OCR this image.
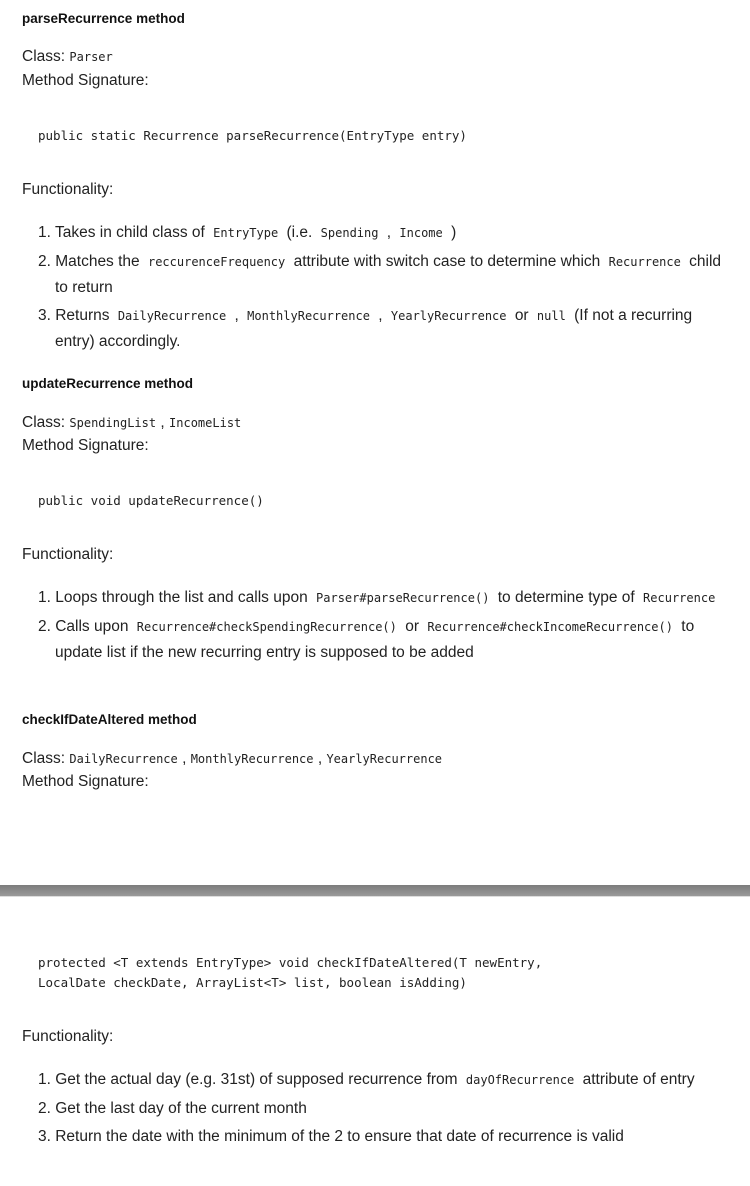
parseRecurrence method
Class: Parser
Method Signature:
public static Recurrence parseRecurrence(EntryType entry)
Functionality:
1. Takes in child class of EntryType (i.e. Spending , Income )
2. Matches the reccurenceFrequency attribute with switch case to determine which Recurrence child to return
3. Returns DailyRecurrence , MonthlyRecurrence , YearlyRecurrence or null (If not a recurring entry) accordingly.
updateRecurrence method
Class: SpendingList , IncomeList
Method Signature:
public void updateRecurrence()
Functionality:
1. Loops through the list and calls upon Parser#parseRecurrence() to determine type of Recurrence
2. Calls upon Recurrence#checkSpendingRecurrence() or Recurrence#checkIncomeRecurrence() to update list if the new recurring entry is supposed to be added
checkIfDateAltered method
Class: DailyRecurrence , MonthlyRecurrence , YearlyRecurrence
Method Signature:
protected <T extends EntryType> void checkIfDateAltered(T newEntry,
LocalDate checkDate, ArrayList<T> list, boolean isAdding)
Functionality:
1. Get the actual day (e.g. 31st) of supposed recurrence from dayOfRecurrence attribute of entry
2. Get the last day of the current month
3. Return the date with the minimum of the 2 to ensure that date of recurrence is valid
